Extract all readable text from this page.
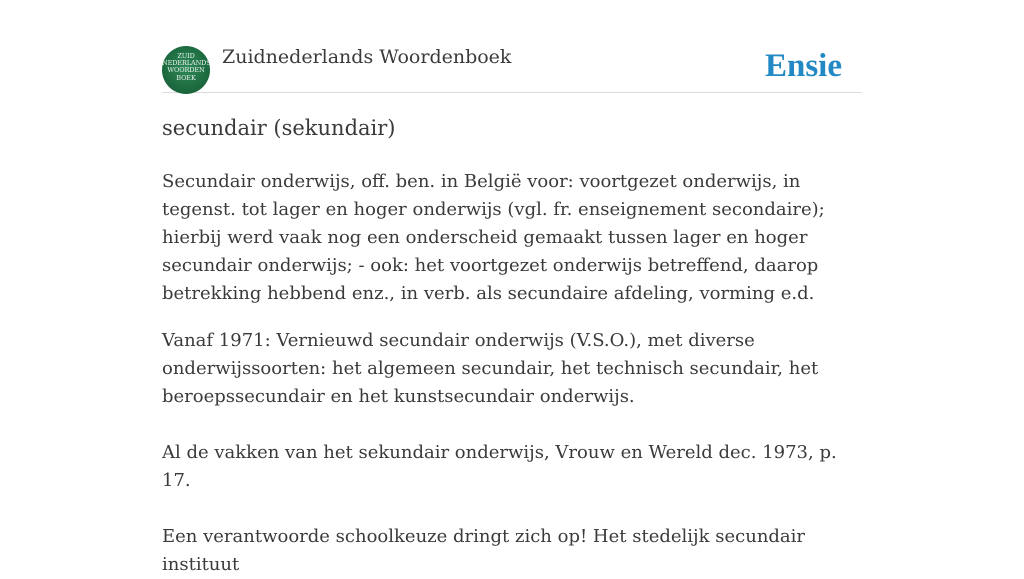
ZUID
NEDERLANDS
WOORDEN
BOEK
Zuidnederlands Woordenboek	Ensie
secundair (sekundair)

Secundair onderwijs, off. ben. in België voor: voortgezet onderwijs, in tegenst. tot lager en hoger onderwijs (vgl. fr. enseignement secondaire); hierbij werd vaak nog een onderscheid gemaakt tussen lager en hoger secundair onderwijs; - ook: het voortgezet onderwijs betreffend, daarop betrekking hebbend enz., in verb. als secundaire afdeling, vorming e.d.

Vanaf 1971: Vernieuwd secundair onderwijs (V.S.O.), met diverse onderwijssoorten: het algemeen secundair, het technisch secundair, het beroepssecundair en het kunstsecundair onderwijs.

Al de vakken van het sekundair onderwijs, Vrouw en Wereld dec. 1973, p. 17.

Een verantwoorde schoolkeuze dringt zich op! Het stedelijk secundair instituut
